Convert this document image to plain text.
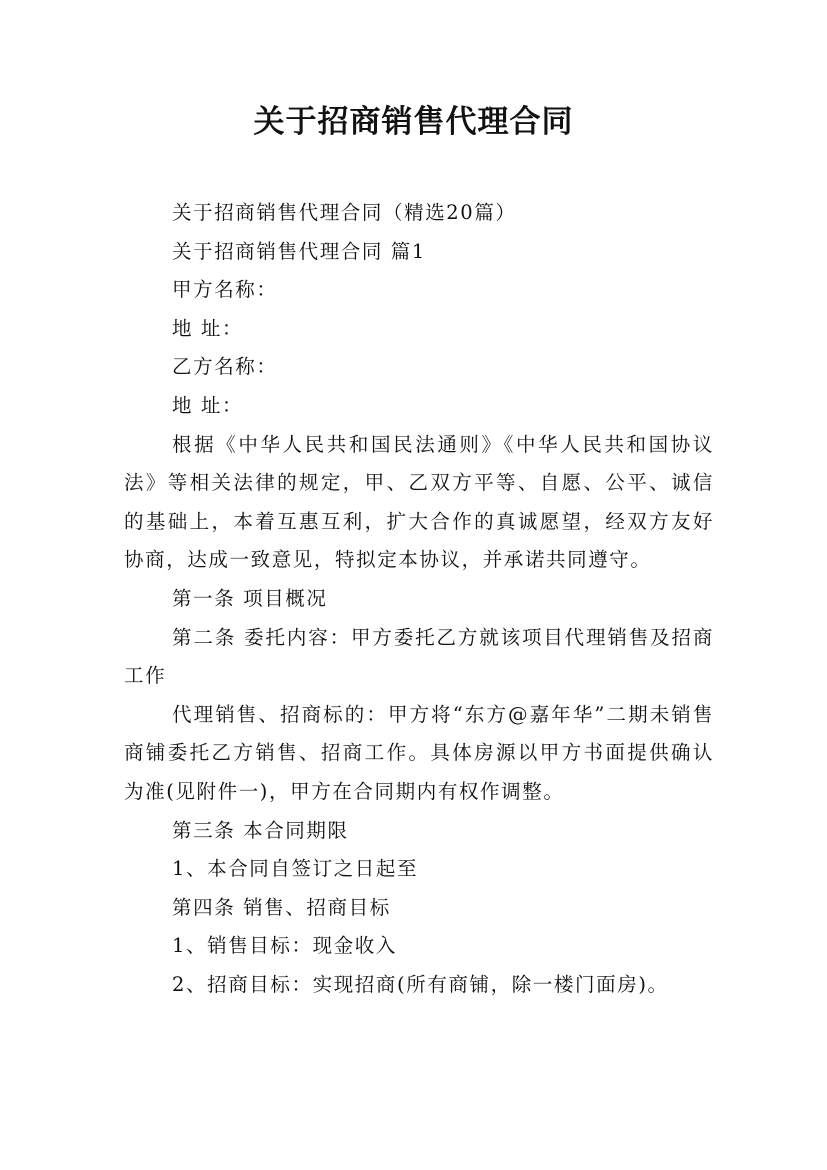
关于招商销售代理合同

关于招商销售代理合同（精选20篇）

关于招商销售代理合同 篇1

甲方名称：

地 址：

乙方名称：

地 址：

根据《中华人民共和国民法通则》《中华人民共和国协议法》等相关法律的规定，甲、乙双方平等、自愿、公平、诚信的基础上，本着互惠互利，扩大合作的真诚愿望，经双方友好协商，达成一致意见，特拟定本协议，并承诺共同遵守。

第一条 项目概况

第二条 委托内容：甲方委托乙方就该项目代理销售及招商工作

代理销售、招商标的：甲方将“东方@嘉年华”二期未销售商铺委托乙方销售、招商工作。具体房源以甲方书面提供确认为准(见附件一)，甲方在合同期内有权作调整。

第三条 本合同期限

1、本合同自签订之日起至

第四条 销售、招商目标

1、销售目标：现金收入

2、招商目标：实现招商(所有商铺，除一楼门面房)。
